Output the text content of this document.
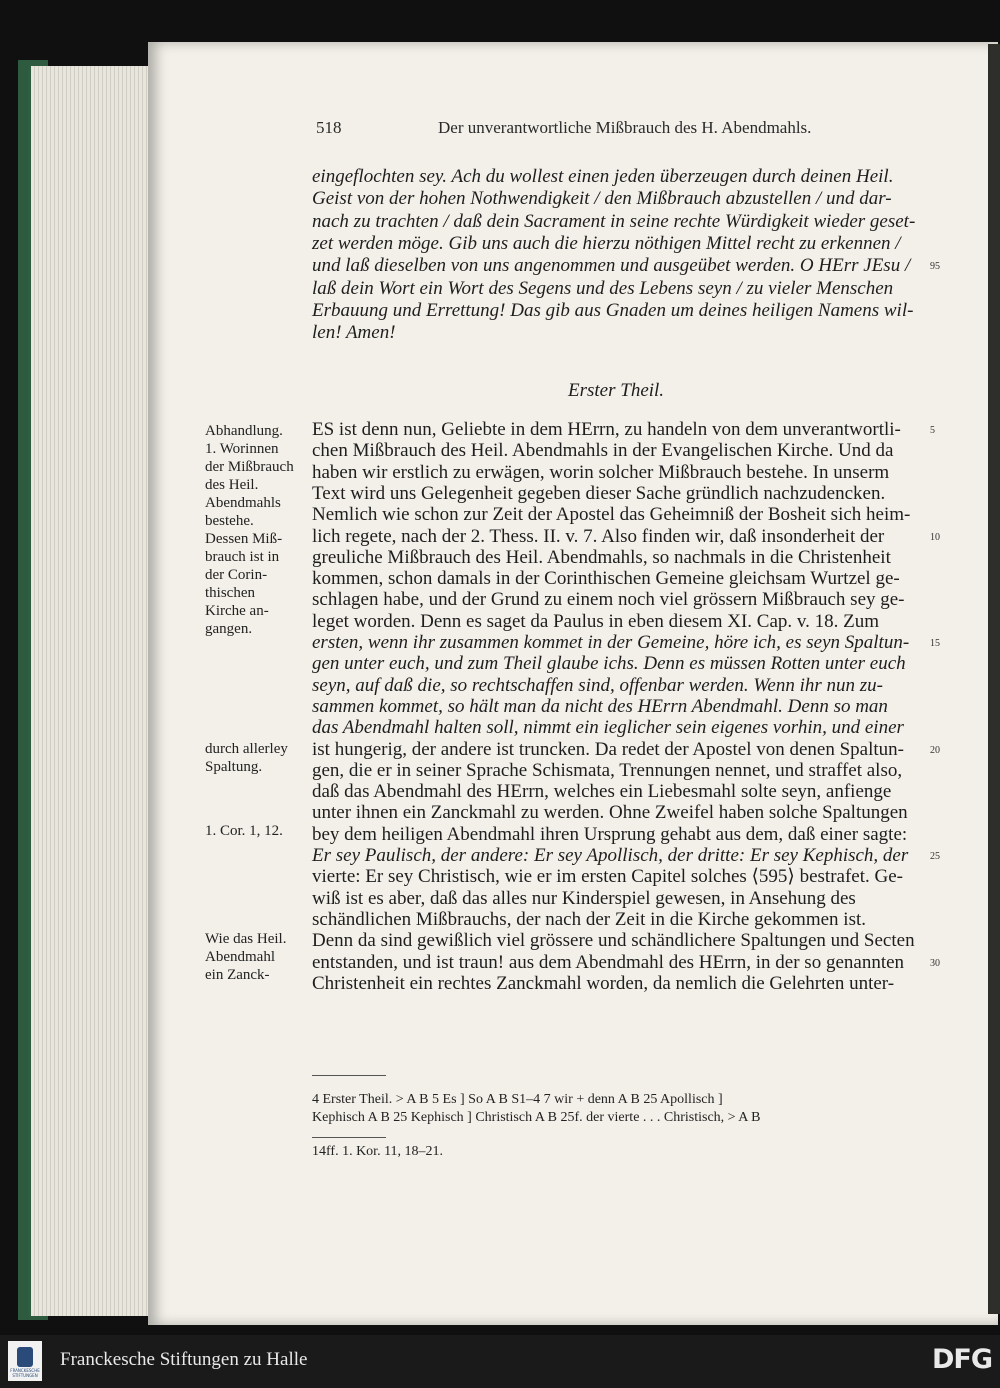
518	Der unverantwortliche Mißbrauch des H. Abendmahls.
eingeflochten sey. Ach du wollest einen jeden überzeugen durch deinen Heil.
Geist von der hohen Nothwendigkeit / den Mißbrauch abzustellen / und dar-
nach zu trachten / daß dein Sacrament in seine rechte Würdigkeit wieder geset-
zet werden möge. Gib uns auch die hierzu nöthigen Mittel recht zu erkennen /
und laß dieselben von uns angenommen und ausgeübet werden. O HErr JEsu / 95
laß dein Wort ein Wort des Segens und des Lebens seyn / zu vieler Menschen
Erbauung und Errettung! Das gib aus Gnaden um deines heiligen Namens wil-
len! Amen!
ES ist denn nun, Geliebte in dem HErrn, zu handeln von dem unverantwortli-	5
chen Mißbrauch des Heil. Abendmahls in der Evangelischen Kirche. Und da
haben wir erstlich zu erwägen, worin solcher Mißbrauch bestehe. In unserm
Text wird uns Gelegenheit gegeben dieser Sache gründlich nachzudencken.
Nemlich wie schon zur Zeit der Apostel das Geheimniß der Bosheit sich heim-
lich regete, nach der 2. Thess. II. v. 7. Also finden wir, daß insonderheit der	10
greuliche Mißbrauch des Heil. Abendmahls, so nachmals in die Christenheit
kommen, schon damals in der Corinthischen Gemeine gleichsam Wurtzel ge-
schlagen habe, und der Grund zu einem noch viel grössern Mißbrauch sey ge-
leget worden. Denn es saget da Paulus in eben diesem XI. Cap. v. 18. Zum
ersten, wenn ihr zusammen kommet in der Gemeine, höre ich, es seyn Spaltun- 15
gen unter euch, und zum Theil glaube ichs. Denn es müssen Rotten unter euch
seyn, auf daß die, so rechtschaffen sind, offenbar werden. Wenn ihr nun zu-
sammen kommet, so hält man da nicht des HErrn Abendmahl. Denn so man
das Abendmahl halten soll, nimmt ein ieglicher sein eigenes vorhin, und einer
ist hungerig, der andere ist truncken. Da redet der Apostel von denen Spaltun-	20
gen, die er in seiner Sprache Schismata, Trennungen nennet, und straffet also,
daß das Abendmahl des HErrn, welches ein Liebesmahl solte seyn, anfienge
unter ihnen ein Zanckmahl zu werden. Ohne Zweifel haben solche Spaltungen
bey dem heiligen Abendmahl ihren Ursprung gehabt aus dem, daß einer sagte:
Er sey Paulisch, der andere: Er sey Apollisch, der dritte: Er sey Kephisch, der 25
vierte: Er sey Christisch, wie er im ersten Capitel solches ⟨595⟩ bestrafet. Ge-
wiß ist es aber, daß das alles nur Kinderspiel gewesen, in Ansehung des
schändlichen Mißbrauchs, der nach der Zeit in die Kirche gekommen ist.
Denn da sind gewißlich viel grössere und schändlichere Spaltungen und Secten
entstanden, und ist traun! aus dem Abendmahl des HErrn, in der so genannten	30
Christenheit ein rechtes Zanckmahl worden, da nemlich die Gelehrten unter-
Erster Theil.
Abhandlung.
1. Worinnen
der Mißbrauch
des Heil.
Abendmahls
bestehe.
Dessen Miß-
brauch ist in
der Corin-
thischen
Kirche an-
gangen.
durch allerley
Spaltung.
1. Cor. 1, 12.
Wie das Heil.
Abendmahl
ein Zanck-
4 Erster Theil. > A B 5 Es ] So A B S1–4 7 wir + denn A B 25 Apollisch ]
Kephisch A B 25 Kephisch ] Christisch A B 25f. der vierte . . . Christisch, > A B
14ff. 1. Kor. 11, 18–21.
FRANCKESCHE
STIFTUNGEN
Franckesche Stiftungen zu Halle	DFG
